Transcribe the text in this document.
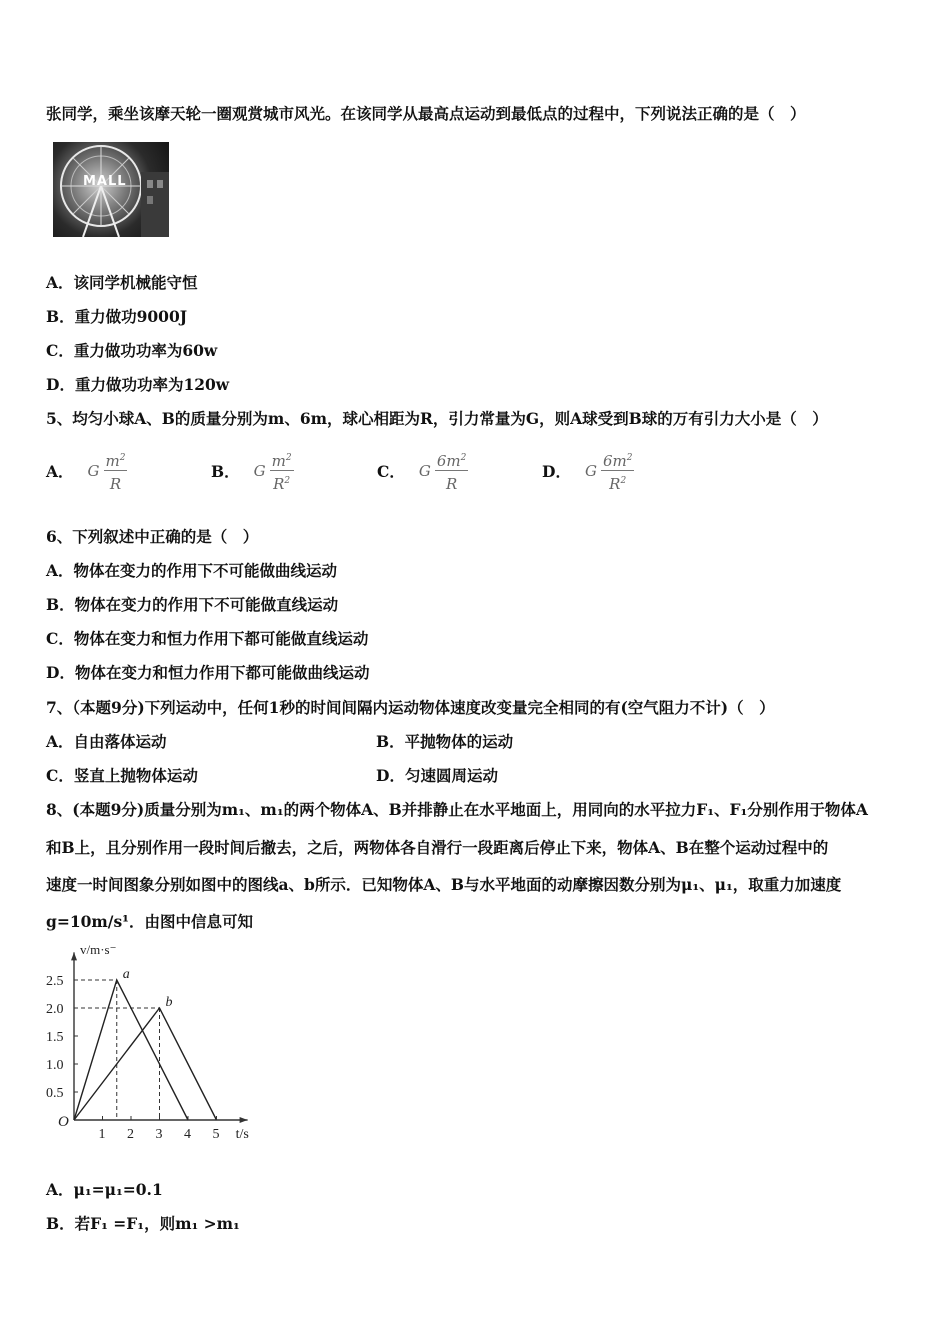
张同学，乘坐该摩天轮一圈观赏城市风光。在该同学从最高点运动到最低点的过程中，下列说法正确的是（　）
MALL
A．该同学机械能守恒
B．重力做功9000J
C．重力做功功率为60w
D．重力做功功率为120w
5、均匀小球A、B的质量分别为m、6m，球心相距为R，引力常量为G，则A球受到B球的万有引力大小是（　）
A． G $\frac{m^2}{R}$	B． G $\frac{m^2}{R^2}$	C． G $\frac{6m^2}{R}$	D． G $\frac{6m^2}{R^2}$
6、下列叙述中正确的是（　）
A．物体在变力的作用下不可能做曲线运动
B．物体在变力的作用下不可能做直线运动
C．物体在变力和恒力作用下都可能做直线运动
D．物体在变力和恒力作用下都可能做曲线运动
7、（本题9分)下列运动中，任何1秒的时间间隔内运动物体速度改变量完全相同的有(空气阻力不计)（　）
A．自由落体运动	B．平抛物体的运动
C．竖直上抛物体运动	D．匀速圆周运动
8、(本题9分)质量分别为m₁、m₁的两个物体A、B并排静止在水平地面上，用同向的水平拉力F₁、F₁分别作用于物体A
和B上，且分别作用一段时间后撤去，之后，两物体各自滑行一段距离后停止下来，物体A、B在整个运动过程中的
速度一时间图象分别如图中的图线a、b所示．已知物体A、B与水平地面的动摩擦因数分别为μ₁、μ₁，取重力加速度
g=10m/s¹．由图中信息可知
a
b
1 2 3 4 5
0.5
1.0
1.5
2.0
2.5
O
t/s
v/m·s⁻
A．μ₁=μ₁=0.1
B．若F₁ =F₁，则m₁ >m₁
